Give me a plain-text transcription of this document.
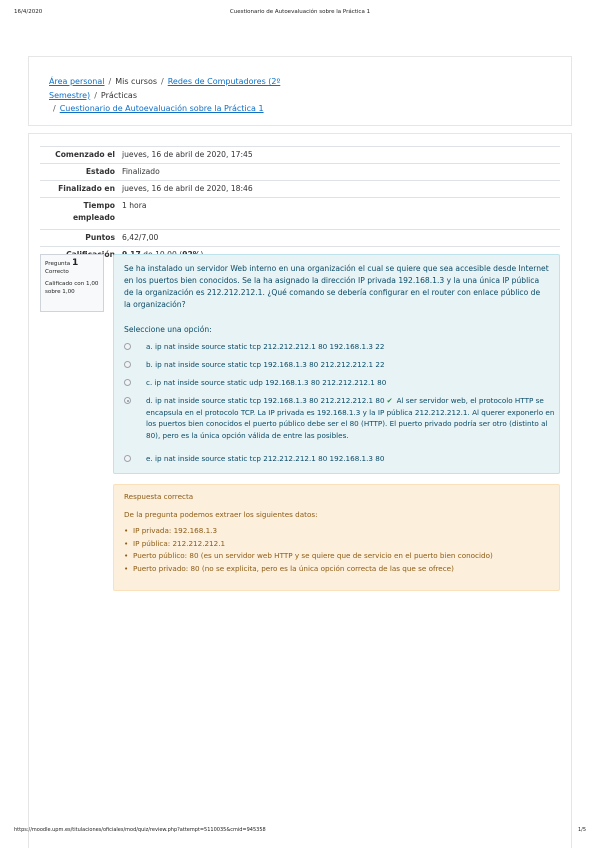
16/4/2020	Cuestionario de Autoevaluación sobre la Práctica 1
Área personal / Mis cursos / Redes de Computadores (2º Semestre) / Prácticas
/ Cuestionario de Autoevaluación sobre la Práctica 1
Comenzado el	jueves, 16 de abril de 2020, 17:45
Estado	Finalizado
Finalizado en	jueves, 16 de abril de 2020, 18:46
Tiempo empleado	1 hora
Puntos	6,42/7,00

Pregunta 1
Correcto
Calificado con 1,00 sobre 1,00
Se ha instalado un servidor Web interno en una organización el cual se quiere que sea accesible desde Internet en los puertos bien conocidos. Se la ha asignado la dirección IP privada 192.168.1.3 y la una única IP pública de la organización es 212.212.212.1. ¿Qué comando se debería configurar en el router con enlace público de la organización?
Seleccione una opción:
a. ip nat inside source static tcp 212.212.212.1 80 192.168.1.3 22
b. ip nat inside source static tcp 192.168.1.3 80 212.212.212.1 22
c. ip nat inside source static udp 192.168.1.3 80 212.212.212.1 80
d. ip nat inside source static tcp 192.168.1.3 80 212.212.212.1 80 ✔ Al ser servidor web, el protocolo HTTP se encapsula en el protocolo TCP. La IP privada es 192.168.1.3 y la IP pública 212.212.212.1. Al querer exponerlo en los puertos bien conocidos el puerto público debe ser el 80 (HTTP). El puerto privado podría ser otro (distinto al 80), pero es la única opción válida de entre las posibles.
e. ip nat inside source static tcp 212.212.212.1 80 192.168.1.3 80
Respuesta correcta
De la pregunta podemos extraer los siguientes datos:
• IP privada: 192.168.1.3
• IP pública: 212.212.212.1
• Puerto público: 80 (es un servidor web HTTP y se quiere que de servicio en el puerto bien conocido)
• Puerto privado: 80 (no se explicita, pero es la única opción correcta de las que se ofrece)
https://moodle.upm.es/titulaciones/oficiales/mod/quiz/review.php?attempt=5110035&cmid=945358	1/5
